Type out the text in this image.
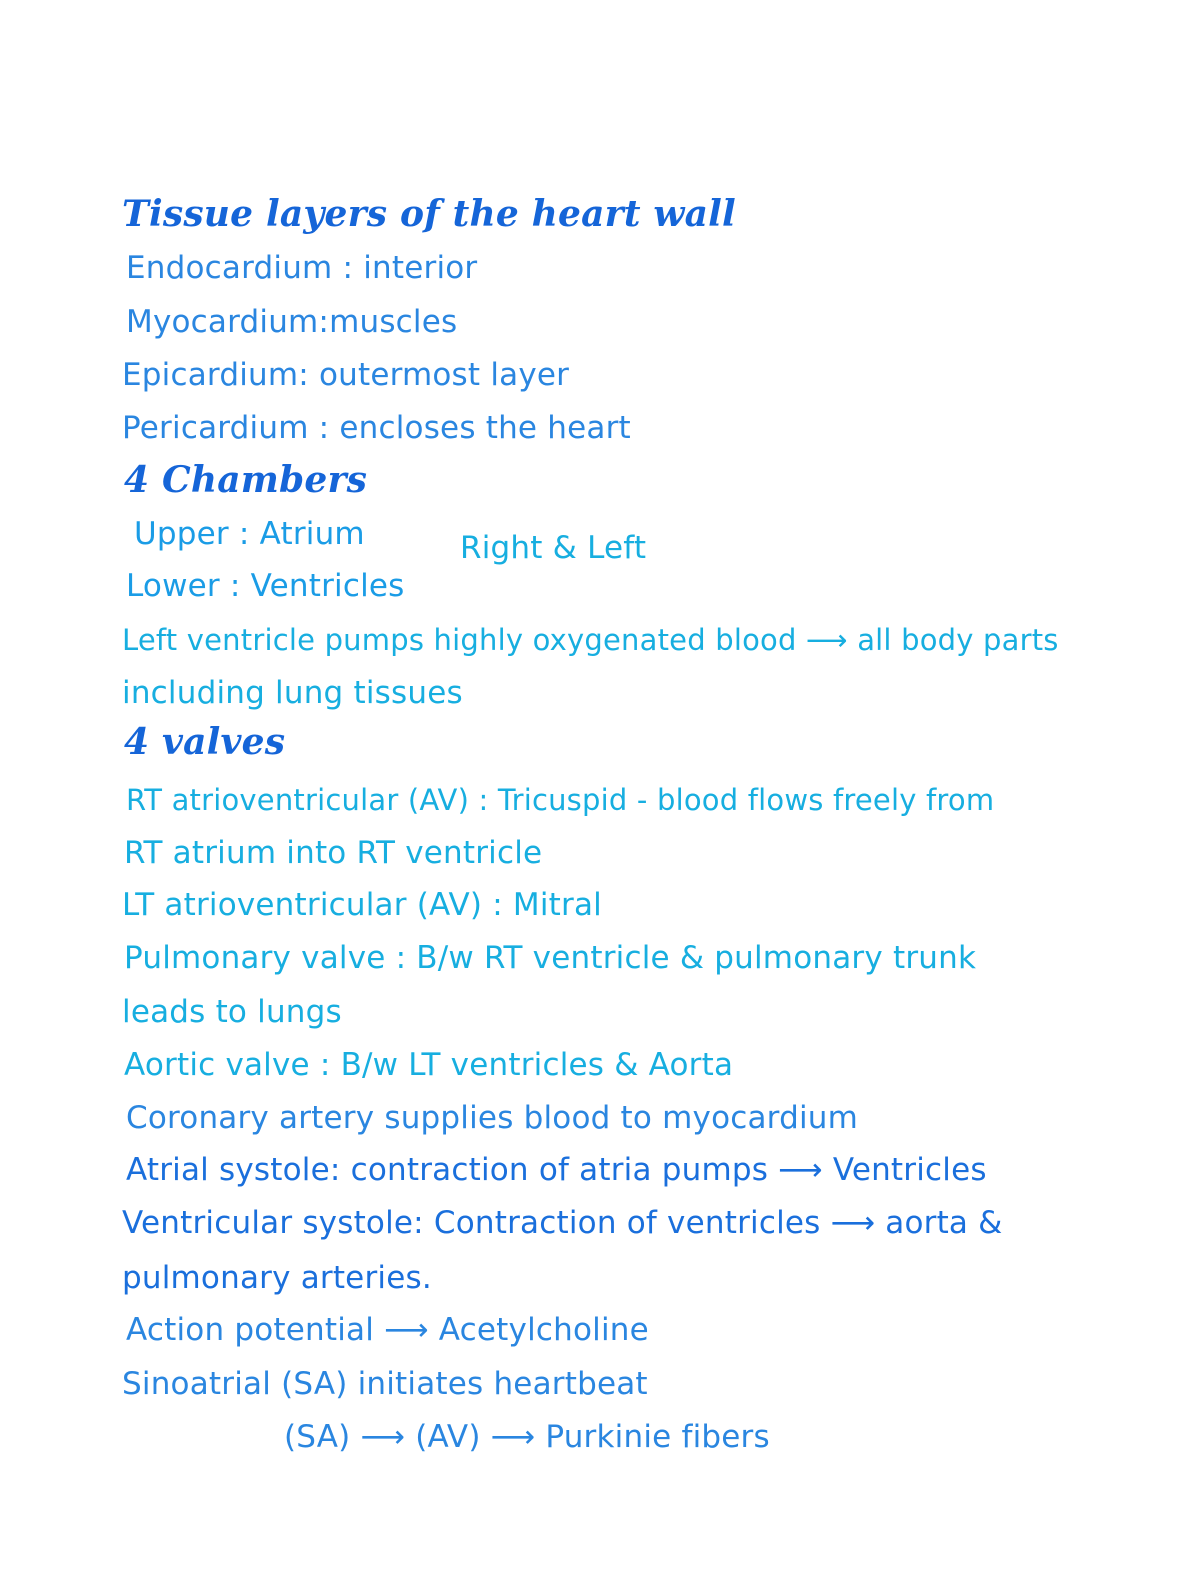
Tissue layers of the heart wall
Endocardium : interior
Myocardium:muscles
Epicardium: outermost layer
Pericardium : encloses the heart
4 Chambers
Upper : Atrium	Right & Left
Lower : Ventricles
Left ventricle pumps highly oxygenated blood ⟶ all body parts
including lung tissues
4 valves
RT atrioventricular (AV) : Tricuspid - blood flows freely from
RT atrium into RT ventricle
LT atrioventricular (AV) : Mitral
Pulmonary valve : B/w RT ventricle & pulmonary trunk
leads to lungs
Aortic valve : B/w LT ventricles & Aorta
Coronary artery supplies blood to myocardium
Atrial systole: contraction of atria pumps ⟶ Ventricles
Ventricular systole: Contraction of ventricles ⟶ aorta &
pulmonary arteries.
Action potential ⟶ Acetylcholine
Sinoatrial (SA) initiates heartbeat
(SA) ⟶ (AV) ⟶ Purkinie fibers
